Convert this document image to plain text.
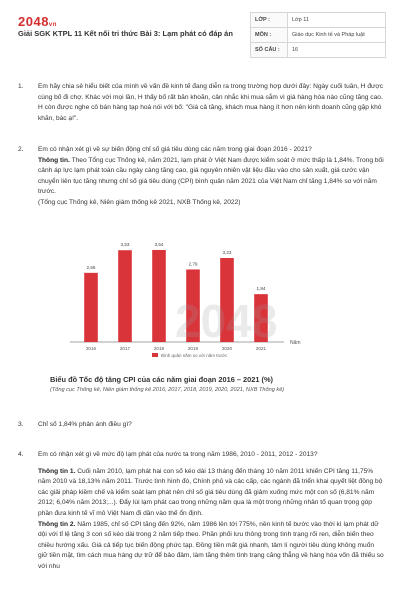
2048vn
Giải SGK KTPL 11 Kết nối tri thức Bài 3: Lạm phát có đáp án
LỚP :	Lớp 11
MÔN :	Giáo dục Kinh tế và Pháp luật
SỐ CÂU :	16
1.	Em hãy chia sẻ hiểu biết của mình về vấn đề kinh tế đang diễn ra trong trường hợp dưới đây: Ngày cuối tuần, H được cùng bố đi chợ. Khác với mọi lần, H thấy bố rất băn khoăn, cân nhắc khi mua sắm vì giá hàng hóa nào cũng tăng cao. H còn được nghe cô bán hàng tạp hoá nói với bố: "Giá cả tăng, khách mua hàng ít hơn nên kinh doanh cũng gặp khó khăn, bác ạ!".
2.	Em có nhận xét gì về sự biến động chỉ số giá tiêu dùng các năm trong giai đoạn 2016 - 2021?
Thông tin. Theo Tổng cục Thống kê, năm 2021, lạm phát ở Việt Nam được kiểm soát ở mức thấp là 1,84%. Trong bối cảnh áp lực lạm phát toàn cầu ngày càng tăng cao, giá nguyên nhiên vật liệu đầu vào cho sản xuất, giá cước vận chuyển liên tục tăng nhưng chỉ số giá tiêu dùng (CPI) bình quân năm 2021 của Việt Nam chỉ tăng 1,84% so với năm trước.
(Tổng cục Thống kê, Niên giám thống kê 2021, NXB Thống kê, 2022)
2,66
2016
3,53
2017
3,54
2018
2,79
2019
3,23
2020
1,84
2021
Năm
Bình quân năm so với năm trước
2048
Biểu đồ Tốc độ tăng CPI của các năm giai đoạn 2016 – 2021 (%)
(Tổng cục Thống kê, Niên giám thống kê 2016, 2017, 2018, 2019, 2020, 2021, NXB Thống kê)
3.	Chỉ số 1,84% phản ánh điều gì?
4.	Em có nhận xét gì về mức độ lạm phát của nước ta trong năm 1986, 2010 - 2011, 2012 - 2013?
Thông tin 1. Cuối năm 2010, lạm phát hai con số kéo dài 13 tháng đến tháng 10 năm 2011 khiến CPI tăng 11,75% năm 2010 và 18,13% năm 2011. Trước tình hình đó, Chính phủ và các cấp, các ngành đã triển khai quyết liệt đồng bộ các giải pháp kiềm chế và kiểm soát lạm phát nên chỉ số giá tiêu dùng đã giảm xuống mức một con số (6,81% năm 2012; 6,04% năm 2013;...). Đẩy lùi lạm phát cao trong những năm qua là một trong những nhân tố quan trọng góp phần đưa kinh tế vĩ mô Việt Nam đi dần vào thế ổn định.
Thông tin 2. Năm 1985, chỉ số CPI tăng đến 92%, năm 1986 lên tới 775%, nền kinh tế bước vào thời kì lạm phát dữ dội với tỉ lệ tăng 3 con số kéo dài trong 2 năm tiếp theo. Phần phối lưu thông trong tình trạng rối ren, diễn biến theo chiều hướng xấu. Giá cả tiếp tục biến động phức tạp. Đồng tiền mất giá nhanh, tâm lí người tiêu dùng không muốn giữ tiền mặt, tìm cách mua hàng dự trữ để bảo đảm, làm tăng thêm tình trạng căng thẳng về hàng hóa vốn đã thiếu so với nhu
